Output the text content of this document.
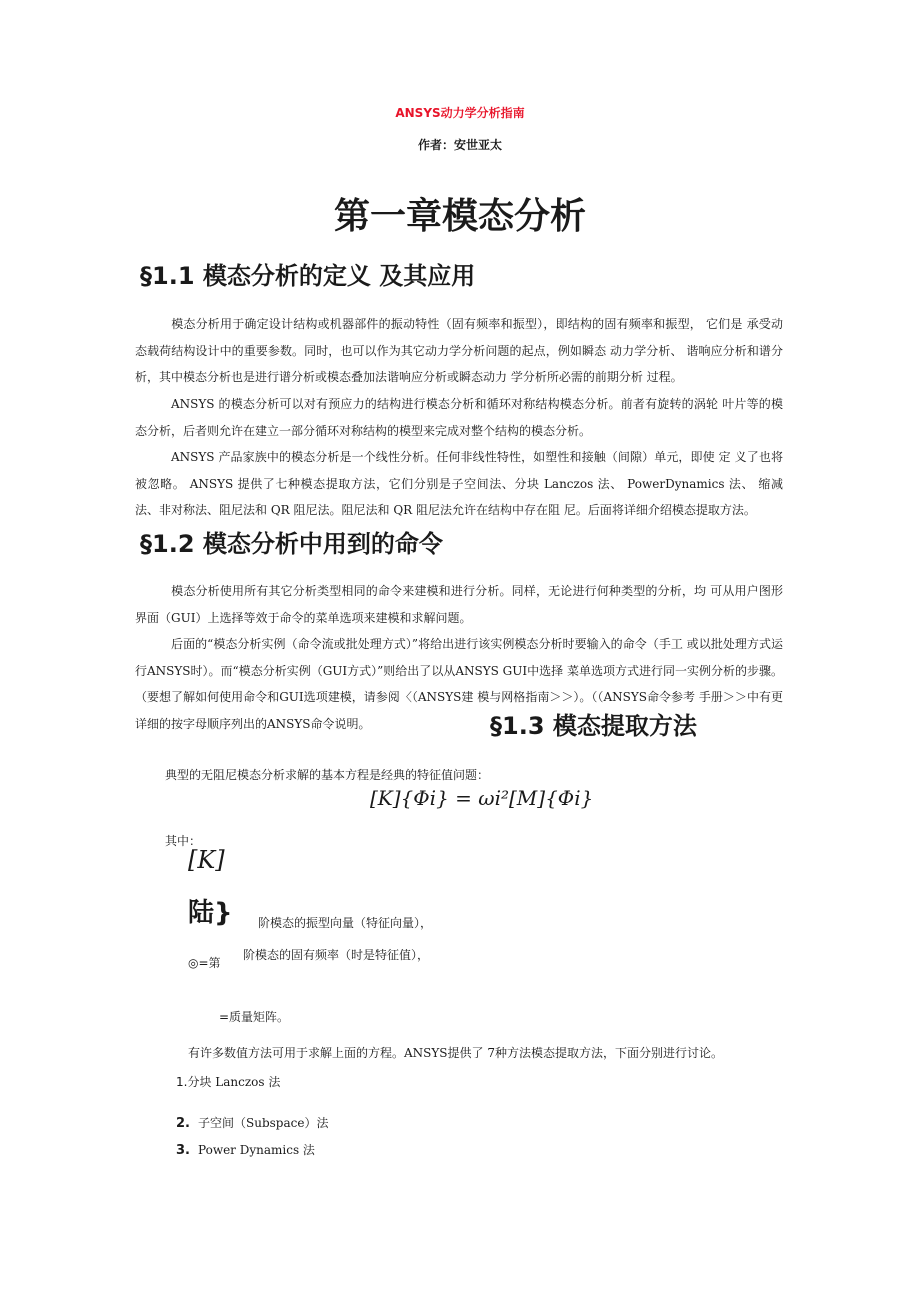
ANSYS动力学分析指南
作者：安世亚太
第一章模态分析
§1.1 模态分析的定义 及其应用
模态分析用于确定设计结构或机器部件的振动特性（固有频率和振型），即结构的固有频率和振型， 它们是 承受动态载荷结构设计中的重要参数。同时，也可以作为其它动力学分析问题的起点，例如瞬态 动力学分析、 谐响应分析和谱分析，其中模态分析也是进行谱分析或模态叠加法谐响应分析或瞬态动力 学分析所必需的前期分析 过程。
ANSYS 的模态分析可以对有预应力的结构进行模态分析和循环对称结构模态分析。前者有旋转的涡轮 叶片等的模态分析，后者则允许在建立一部分循环对称结构的模型来完成对整个结构的模态分析。
ANSYS 产品家族中的模态分析是一个线性分析。任何非线性特性，如塑性和接触（间隙）单元，即使 定 义了也将被忽略。 ANSYS 提供了七种模态提取方法，它们分别是子空间法、分块 Lanczos 法、 PowerDynamics 法、 缩减法、非对称法、阻尼法和 QR 阻尼法。阻尼法和 QR 阻尼法允许在结构中存在阻 尼。后面将详细介绍模态提取方法。
§1.2 模态分析中用到的命令
模态分析使用所有其它分析类型相同的命令来建模和进行分析。同样，无论进行何种类型的分析，均 可从用户图形 界面（GUI）上选择等效于命令的菜单选项来建模和求解问题。
后面的“模态分析实例（命令流或批处理方式）”将给出进行该实例模态分析时要输入的命令（手工 或以批处理方式运行ANSYS时）。而“模态分析实例（GUI方式）”则给出了以从ANSYS GUI中选择 菜单选项方式进行同一实例分析的步骤。（要想了解如何使用命令和GUI选项建模，请参阅〈（ANSYS建 模与网格指南＞＞）。（（ANSYS命令参考 手册＞＞中有更详细的按字母顺序列出的ANSYS命令说明。	§1.3 模态提取方法
典型的无阻尼模态分析求解的基本方程是经典的特征值问题：
[K]{Φi} = ωi²[M]{Φi}
其中：
[K]
陆} 阶模态的振型向量（特征向量），
◎=第
阶模态的固有频率（时是特征值），
=质量矩阵。
有许多数值方法可用于求解上面的方程。ANSYS提供了 7种方法模态提取方法，下面分别进行讨论。
1.分块 Lanczos 法
2. 子空间（Subspace）法
3. Power Dynamics 法
